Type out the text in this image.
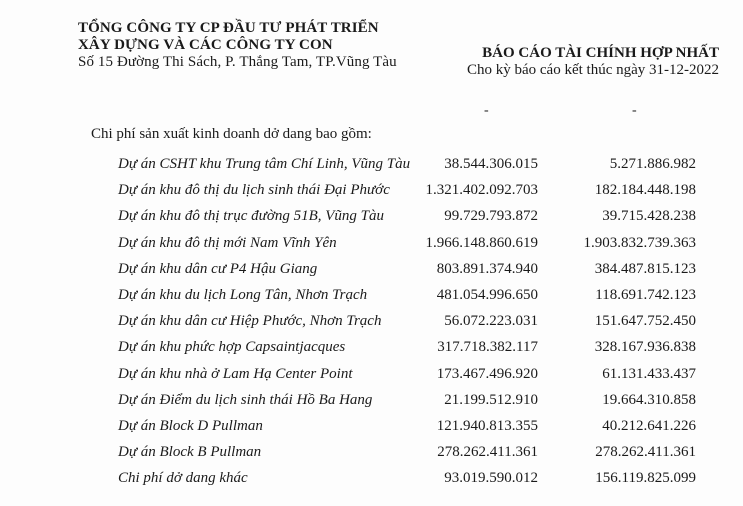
TỔNG CÔNG TY CP ĐẦU TƯ PHÁT TRIỂN
XÂY DỰNG VÀ CÁC CÔNG TY CON
Số 15 Đường Thi Sách, P. Thắng Tam, TP.Vũng Tàu
BÁO CÁO TÀI CHÍNH HỢP NHẤT
Cho kỳ báo cáo kết thúc ngày 31-12-2022
-	-
Chi phí sản xuất kinh doanh dở dang bao gồm:
Dự án CSHT khu Trung tâm Chí Linh, Vũng Tàu 38.544.306.015	5.271.886.982
Dự án khu đô thị du lịch sinh thái Đại Phước 1.321.402.092.703	182.184.448.198
Dự án khu đô thị trục đường 51B, Vũng Tàu	99.729.793.872	39.715.428.238
Dự án khu đô thị mới Nam Vĩnh Yên	1.966.148.860.619	1.903.832.739.363
Dự án khu dân cư P4 Hậu Giang	803.891.374.940	384.487.815.123
Dự án khu du lịch Long Tân, Nhơn Trạch	481.054.996.650	118.691.742.123
Dự án khu dân cư Hiệp Phước, Nhơn Trạch	56.072.223.031	151.647.752.450
Dự án khu phức hợp Capsaintjacques	317.718.382.117	328.167.936.838
Dự án khu nhà ở Lam Hạ Center Point	173.467.496.920	61.131.433.437
Dự án Điểm du lịch sinh thái Hồ Ba Hang	21.199.512.910	19.664.310.858
Dự án Block D Pullman	121.940.813.355	40.212.641.226
Dự án Block B Pullman	278.262.411.361	278.262.411.361
Chi phí dở dang khác	93.019.590.012	156.119.825.099
